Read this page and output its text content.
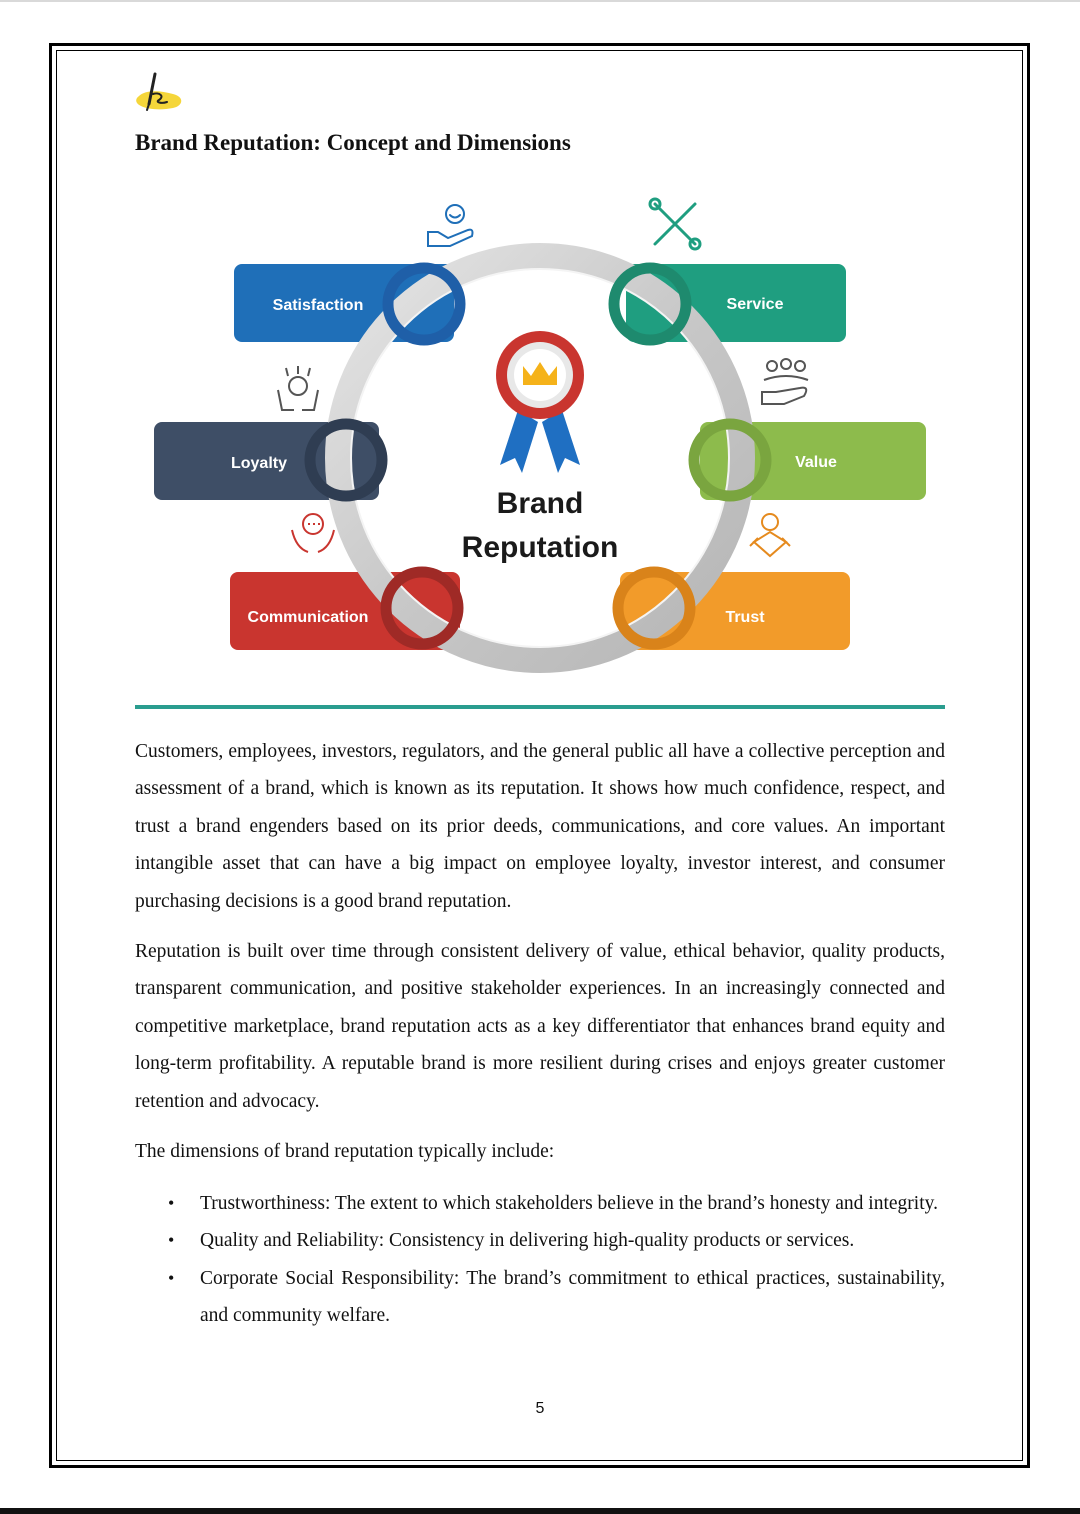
Brand Reputation: Concept and Dimensions
Satisfaction
Loyalty
Communication
Service
Value
Trust
Brand
Reputation

Customers, employees, investors, regulators, and the general public all have a collective perception and assessment of a brand, which is known as its reputation. It shows how much confidence, respect, and trust a brand engenders based on its prior deeds, communications, and core values. An important intangible asset that can have a big impact on employee loyalty, investor interest, and consumer purchasing decisions is a good brand reputation.

Reputation is built over time through consistent delivery of value, ethical behavior, quality products, transparent communication, and positive stakeholder experiences. In an increasingly connected and competitive marketplace, brand reputation acts as a key differentiator that enhances brand equity and long-term profitability. A reputable brand is more resilient during crises and enjoys greater customer retention and advocacy.

The dimensions of brand reputation typically include:

• Trustworthiness: The extent to which stakeholders believe in the brand’s honesty and integrity.
• Quality and Reliability: Consistency in delivering high-quality products or services.
• Corporate Social Responsibility: The brand’s commitment to ethical practices, sustainability, and community welfare.
5
